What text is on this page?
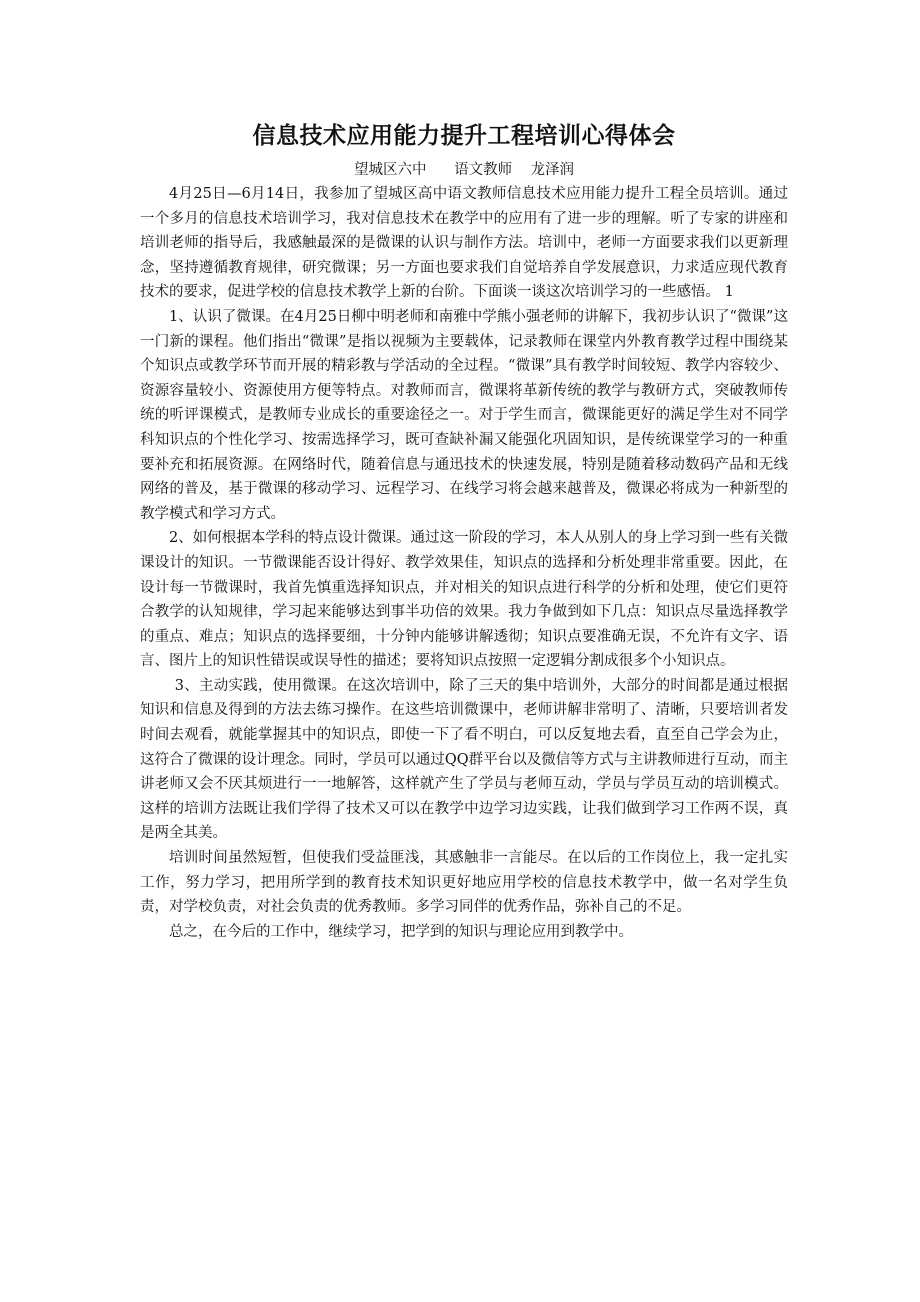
信息技术应用能力提升工程培训心得体会
望城区六中      语文教师    龙泽润

4月25日—6月14日，我参加了望城区高中语文教师信息技术应用能力提升工程全员培训。通过一个多月的信息技术培训学习，我对信息技术在教学中的应用有了进一步的理解。听了专家的讲座和培训老师的指导后，我感触最深的是微课的认识与制作方法。培训中，老师一方面要求我们以更新理念，坚持遵循教育规律，研究微课；另一方面也要求我们自觉培养自学发展意识，力求适应现代教育技术的要求，促进学校的信息技术教学上新的台阶。下面谈一谈这次培训学习的一些感悟。 1

1、认识了微课。在4月25日柳中明老师和南雅中学熊小强老师的讲解下，我初步认识了“微课”这一门新的课程。他们指出“微课”是指以视频为主要载体，记录教师在课堂内外教育教学过程中围绕某个知识点或教学环节而开展的精彩教与学活动的全过程。“微课”具有教学时间较短、教学内容较少、资源容量较小、资源使用方便等特点。对教师而言，微课将革新传统的教学与教研方式，突破教师传统的听评课模式，是教师专业成长的重要途径之一。对于学生而言，微课能更好的满足学生对不同学科知识点的个性化学习、按需选择学习，既可查缺补漏又能强化巩固知识，是传统课堂学习的一种重要补充和拓展资源。在网络时代，随着信息与通迅技术的快速发展，特别是随着移动数码产品和无线网络的普及，基于微课的移动学习、远程学习、在线学习将会越来越普及，微课必将成为一种新型的教学模式和学习方式。

2、如何根据本学科的特点设计微课。通过这一阶段的学习，本人从别人的身上学习到一些有关微课设计的知识。一节微课能否设计得好、教学效果佳，知识点的选择和分析处理非常重要。因此，在设计每一节微课时，我首先慎重选择知识点，并对相关的知识点进行科学的分析和处理，使它们更符合教学的认知规律，学习起来能够达到事半功倍的效果。我力争做到如下几点：知识点尽量选择教学的重点、难点；知识点的选择要细，十分钟内能够讲解透彻；知识点要准确无误，不允许有文字、语言、图片上的知识性错误或误导性的描述；要将知识点按照一定逻辑分割成很多个小知识点。

3、主动实践，使用微课。在这次培训中，除了三天的集中培训外，大部分的时间都是通过根据知识和信息及得到的方法去练习操作。在这些培训微课中，老师讲解非常明了、清晰，只要培训者发时间去观看，就能掌握其中的知识点，即使一下了看不明白，可以反复地去看，直至自己学会为止，这符合了微课的设计理念。同时，学员可以通过QQ群平台以及微信等方式与主讲教师进行互动，而主讲老师又会不厌其烦进行一一地解答，这样就产生了学员与老师互动，学员与学员互动的培训模式。这样的培训方法既让我们学得了技术又可以在教学中边学习边实践，让我们做到学习工作两不误，真是两全其美。

培训时间虽然短暂，但使我们受益匪浅，其感触非一言能尽。在以后的工作岗位上，我一定扎实工作，努力学习，把用所学到的教育技术知识更好地应用学校的信息技术教学中，做一名对学生负责，对学校负责，对社会负责的优秀教师。多学习同伴的优秀作品，弥补自己的不足。

总之，在今后的工作中，继续学习，把学到的知识与理论应用到教学中。
